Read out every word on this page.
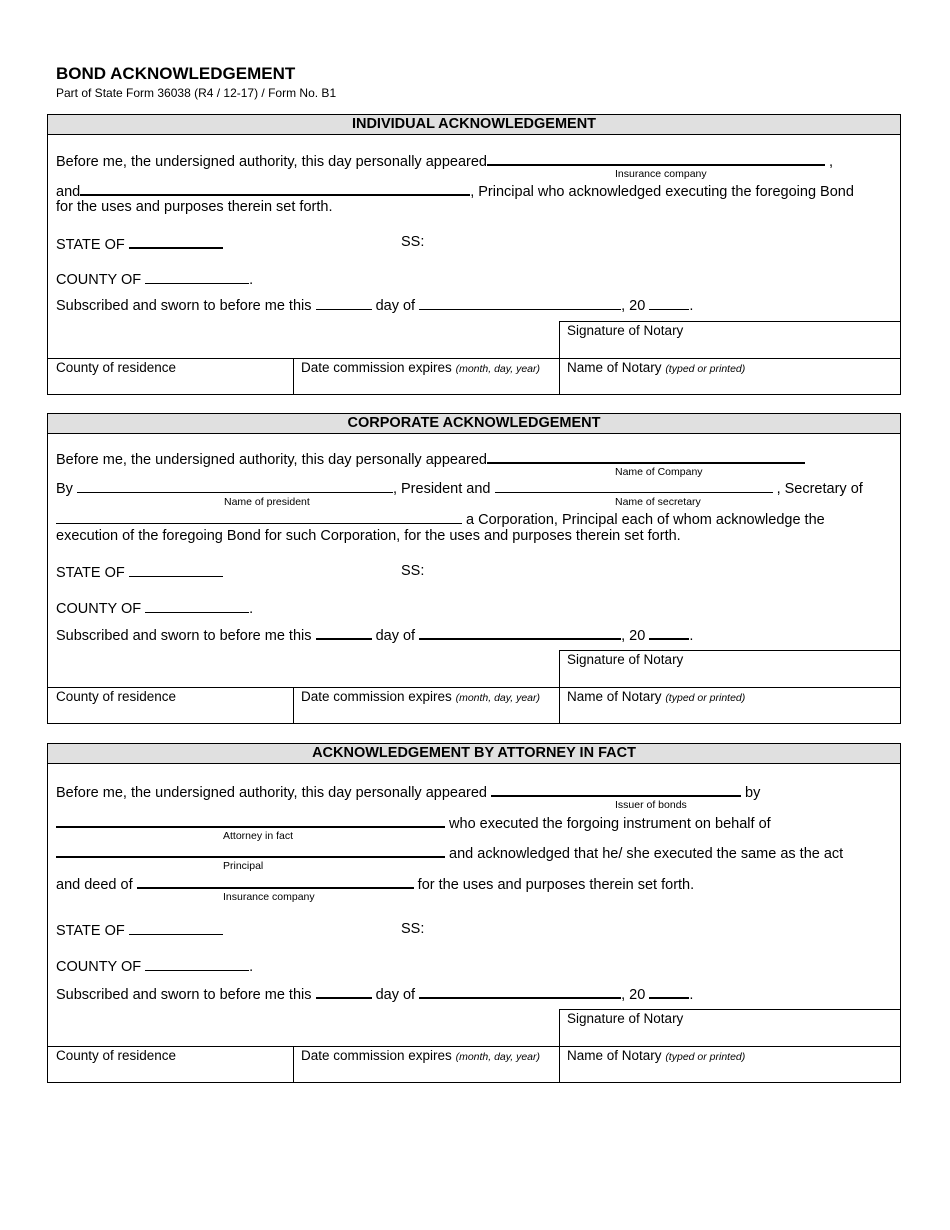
BOND ACKNOWLEDGEMENT
Part of State Form 36038 (R4 / 12-17) / Form No. B1
INDIVIDUAL ACKNOWLEDGEMENT
Before me, the undersigned authority, this day personally appeared	,
Insurance company
and	, Principal who acknowledged executing the foregoing Bond
for the uses and purposes therein set forth.
STATE OF	SS:
COUNTY OF	.
Subscribed and sworn to before me this	day of	, 20	.
Signature of Notary
County of residence	Date commission expires (month, day, year)	Name of Notary (typed or printed)
CORPORATE ACKNOWLEDGEMENT
Before me, the undersigned authority, this day personally appeared
Name of Company
By	, President and	, Secretary of
Name of president	Name of secretary
a Corporation, Principal each of whom acknowledge the
execution of the foregoing Bond for such Corporation, for the uses and purposes therein set forth.
STATE OF	SS:
COUNTY OF	.
Subscribed and sworn to before me this	day of	, 20	.
Signature of Notary
County of residence	Date commission expires (month, day, year)	Name of Notary (typed or printed)
ACKNOWLEDGEMENT BY ATTORNEY IN FACT
Before me, the undersigned authority, this day personally appeared	by
Issuer of bonds
who executed the forgoing instrument on behalf of
Attorney in fact
and acknowledged that he/ she executed the same as the act
Principal
and deed of	for the uses and purposes therein set forth.
Insurance company
STATE OF	SS:
COUNTY OF	.
Subscribed and sworn to before me this	day of	, 20	.
Signature of Notary
County of residence	Date commission expires (month, day, year)	Name of Notary (typed or printed)
